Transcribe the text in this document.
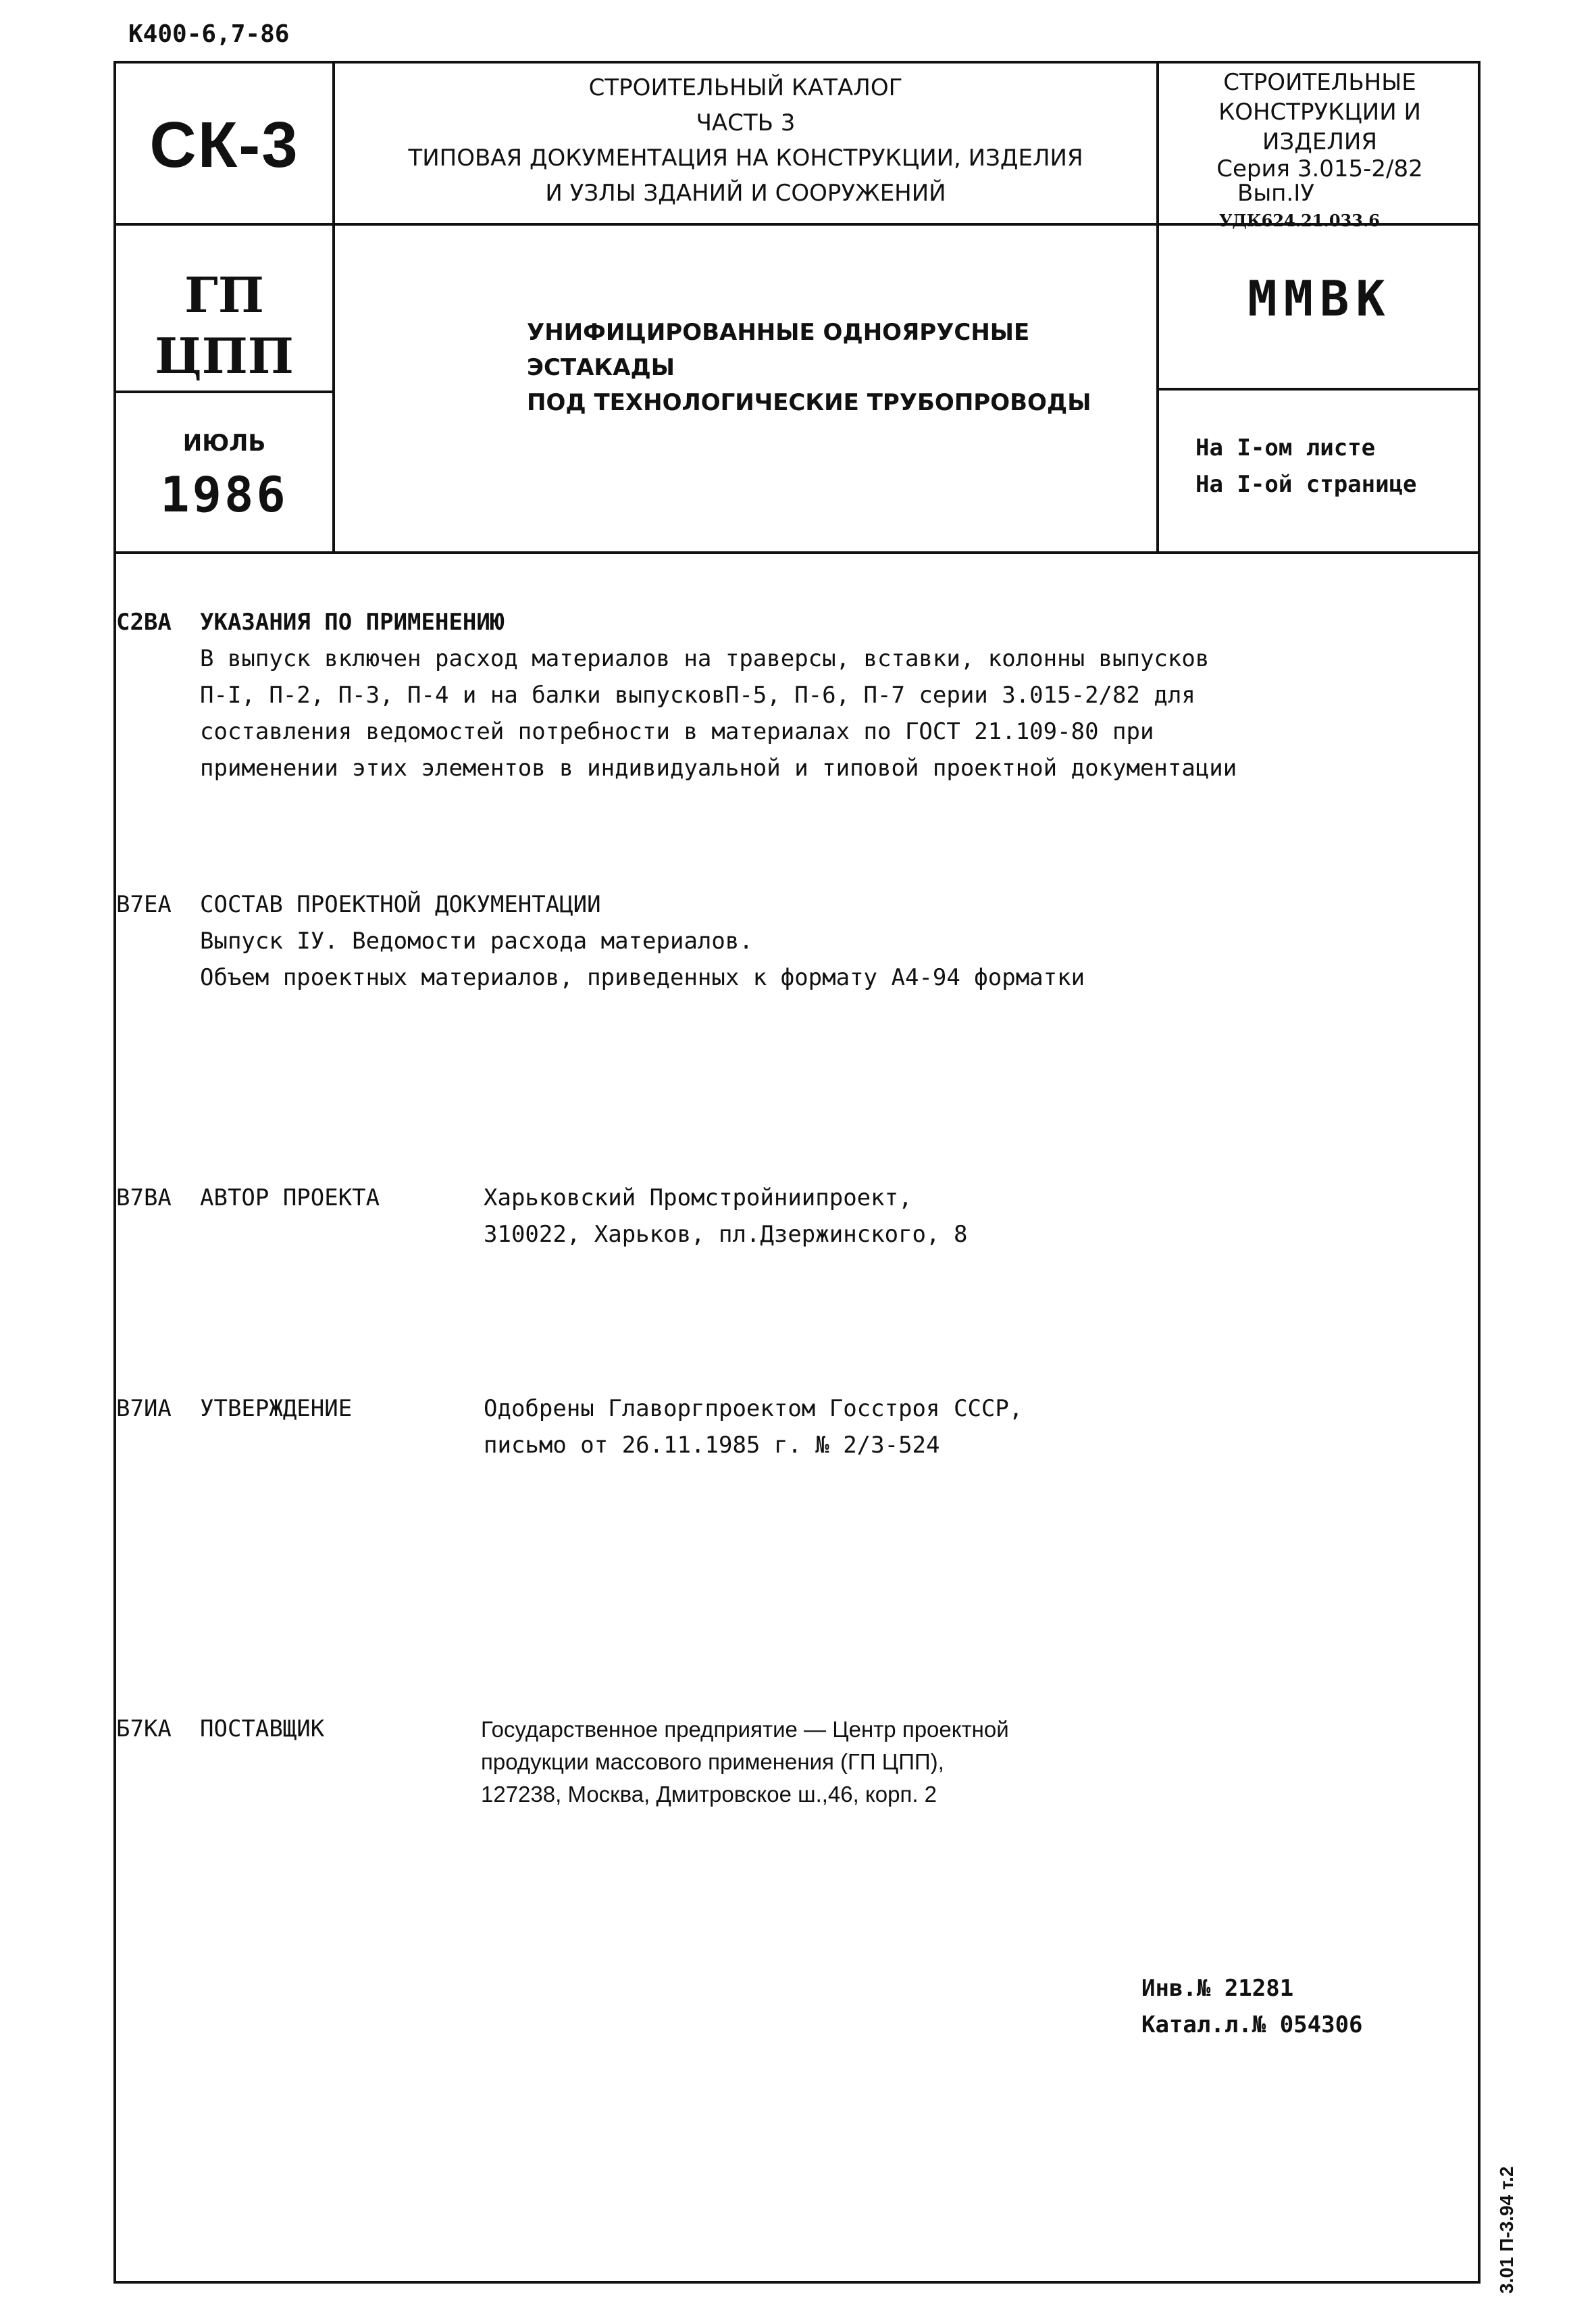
К400-6,7-86
СК-3
СТРОИТЕЛЬНЫЙ КАТАЛОГ
ЧАСТЬ 3
ТИПОВАЯ ДОКУМЕНТАЦИЯ НА КОНСТРУКЦИИ, ИЗДЕЛИЯ
И УЗЛЫ ЗДАНИЙ И СООРУЖЕНИЙ
СТРОИТЕЛЬНЫЕ
КОНСТРУКЦИИ И ИЗДЕЛИЯ
Серия 3.015-2/82
Вып.IУ
УДК624.21.033.6
ГП
ЦПП	УНИФИЦИРОВАННЫЕ ОДНОЯРУСНЫЕ ЭСТАКАДЫ
ПОД ТЕХНОЛОГИЧЕСКИЕ ТРУБОПРОВОДЫ
ММВК
ИЮЛЬ
1986
На I-ом листе
На I-ой странице
С2ВА УКАЗАНИЯ ПО ПРИМЕНЕНИЮ
В выпуск включен расход материалов на траверсы, вставки, колонны выпусков
П-I, П-2, П-3, П-4 и на балки выпусковП-5, П-6, П-7 серии 3.015-2/82 для
составления ведомостей потребности в материалах по ГОСТ 21.109-80 при
применении этих элементов в индивидуальной и типовой проектной документации
В7ЕА СОСТАВ ПРОЕКТНОЙ ДОКУМЕНТАЦИИ
Выпуск IУ. Ведомости расхода материалов.
Объем проектных материалов, приведенных к формату А4-94 форматки
В7ВА АВТОР ПРОЕКТА	Харьковский Промстройниипроект,
310022, Харьков, пл.Дзержинского, 8
В7ИА УТВЕРЖДЕНИЕ	Одобрены Главоргпроектом Госстроя СССР,
письмо от 26.11.1985 г. № 2/3-524
Б7КА ПОСТАВЩИК	Государственное предприятие — Центр проектной
продукции массового применения (ГП ЦПП),
127238, Москва, Дмитровское ш.,46, корп. 2
Инв.№ 21281
Катал.л.№ 054306
3.01 П-3.94 т.2
